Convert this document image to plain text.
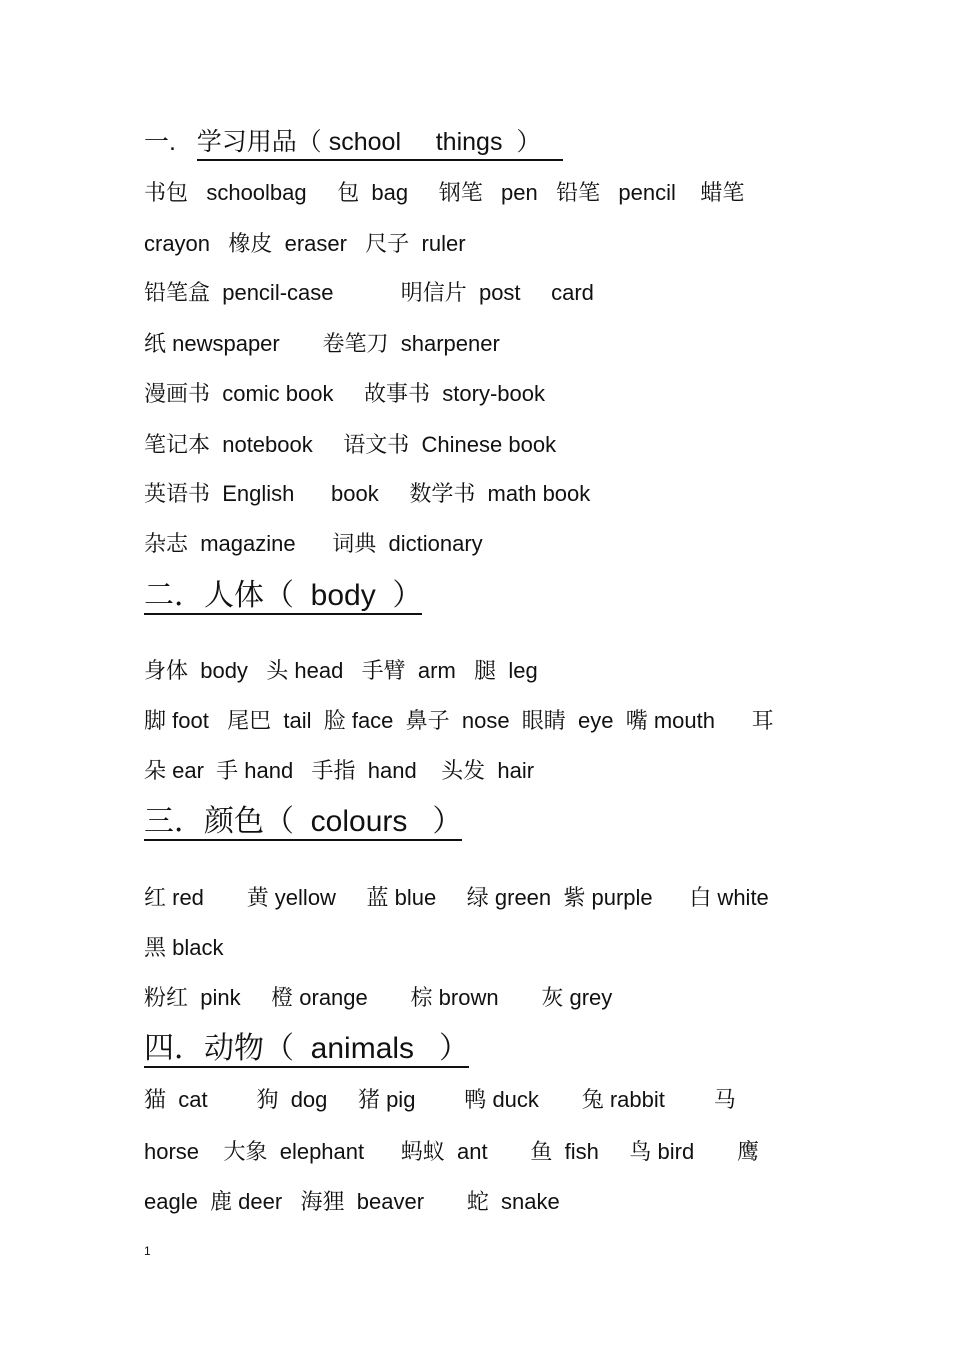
一.   学习用品（ school     things  ）
书包   schoolbag     包  bag     钢笔   pen   铅笔   pencil    蜡笔
crayon   橡皮  eraser   尺子  ruler
铅笔盒  pencil-case           明信片  post     card
纸 newspaper       卷笔刀  sharpener
漫画书  comic book     故事书  story-book
笔记本  notebook     语文书  Chinese book
英语书  English      book     数学书  math book
杂志  magazine      词典  dictionary
二．人体（  body  ）
身体  body   头 head   手臂  arm   腿  leg
脚 foot   尾巴  tail  脸 face  鼻子  nose  眼睛  eye  嘴 mouth      耳
朵 ear  手 hand   手指  hand    头发  hair
三．颜色（  colours   ）
红 red       黄 yellow     蓝 blue     绿 green  紫 purple      白 white
黑 black
粉红  pink     橙 orange       棕 brown       灰 grey
四．动物（  animals   ）
猫  cat        狗  dog     猪 pig        鸭 duck       兔 rabbit        马
horse    大象  elephant      蚂蚁  ant       鱼  fish     鸟 bird       鹰
eagle  鹿 deer   海狸  beaver       蛇  snake
1
